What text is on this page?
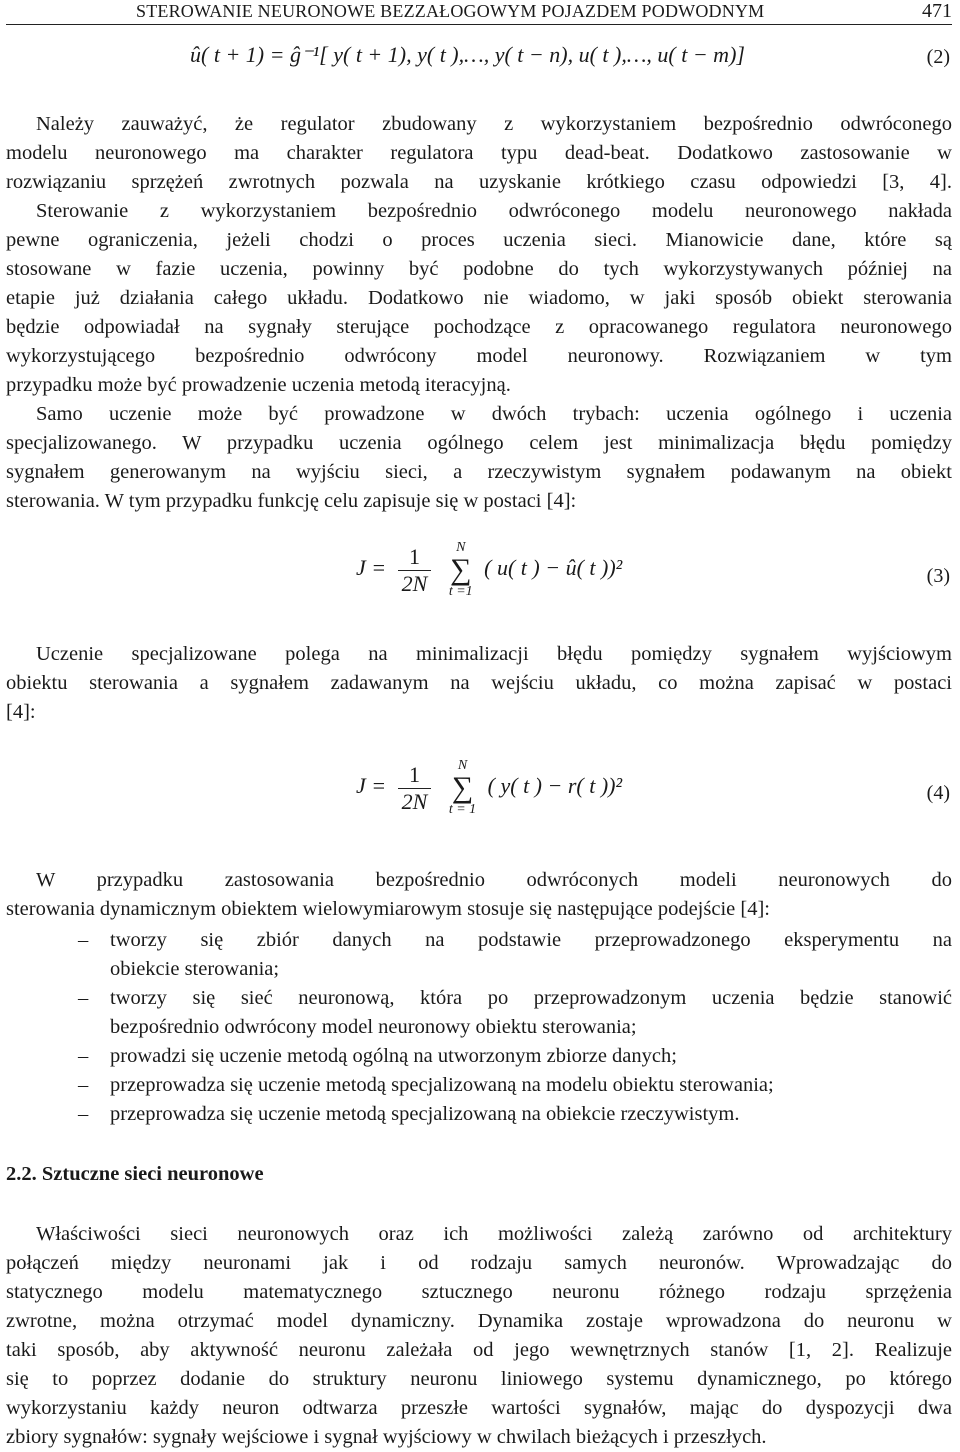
STEROWANIE NEURONOWE BEZZAŁOGOWYM POJAZDEM PODWODNYM	471
û( t + 1) = ĝ⁻¹[ y( t + 1), y( t ),…, y( t − n), u( t ),…, u( t − m)]	(2)
Należy zauważyć, że regulator zbudowany z wykorzystaniem bezpośrednio odwróconego
modelu neuronowego ma charakter regulatora typu dead-beat. Dodatkowo zastosowanie w
rozwiązaniu sprzężeń zwrotnych pozwala na uzyskanie krótkiego czasu odpowiedzi [3, 4].
Sterowanie z wykorzystaniem bezpośrednio odwróconego modelu neuronowego nakłada
pewne ograniczenia, jeżeli chodzi o proces uczenia sieci. Mianowicie dane, które są
stosowane w fazie uczenia, powinny być podobne do tych wykorzystywanych później na
etapie już działania całego układu. Dodatkowo nie wiadomo, w jaki sposób obiekt sterowania
będzie odpowiadał na sygnały sterujące pochodzące z opracowanego regulatora neuronowego
wykorzystującego bezpośrednio odwrócony model neuronowy. Rozwiązaniem w tym
przypadku może być prowadzenie uczenia metodą iteracyjną.
Samo uczenie może być prowadzone w dwóch trybach: uczenia ogólnego i uczenia
specjalizowanego. W przypadku uczenia ogólnego celem jest minimalizacja błędu pomiędzy
sygnałem generowanym na wyjściu sieci, a rzeczywistym sygnałem podawanym na obiekt
sterowania. W tym przypadku funkcję celu zapisuje się w postaci [4]:
$J = \frac{1}{2N}$
	N
∑
t =1
( u( t ) − û( t ))²	(3)
Uczenie specjalizowane polega na minimalizacji błędu pomiędzy sygnałem wyjściowym
obiektu sterowania a sygnałem zadawanym na wejściu układu, co można zapisać w postaci
[4]:
$J = \frac{1}{2N}$
	N
∑
t = 1
( y( t ) − r( t ))²	(4)
W przypadku zastosowania bezpośrednio odwróconych modeli neuronowych do
sterowania dynamicznym obiektem wielowymiarowym stosuje się następujące podejście [4]:
– tworzy się zbiór danych na podstawie przeprowadzonego eksperymentu na
obiekcie sterowania;
– tworzy się sieć neuronową, która po przeprowadzonym uczenia będzie stanowić
bezpośrednio odwrócony model neuronowy obiektu sterowania;
– prowadzi się uczenie metodą ogólną na utworzonym zbiorze danych;
– przeprowadza się uczenie metodą specjalizowaną na modelu obiektu sterowania;
– przeprowadza się uczenie metodą specjalizowaną na obiekcie rzeczywistym.
2.2. Sztuczne sieci neuronowe
Właściwości sieci neuronowych oraz ich możliwości zależą zarówno od architektury
połączeń między neuronami jak i od rodzaju samych neuronów. Wprowadzając do
statycznego modelu matematycznego sztucznego neuronu różnego rodzaju sprzężenia
zwrotne, można otrzymać model dynamiczny. Dynamika zostaje wprowadzona do neuronu w
taki sposób, aby aktywność neuronu zależała od jego wewnętrznych stanów [1, 2]. Realizuje
się to poprzez dodanie do struktury neuronu liniowego systemu dynamicznego, po którego
wykorzystaniu każdy neuron odtwarza przeszłe wartości sygnałów, mając do dyspozycji dwa
zbiory sygnałów: sygnały wejściowe i sygnał wyjściowy w chwilach bieżących i przeszłych.
